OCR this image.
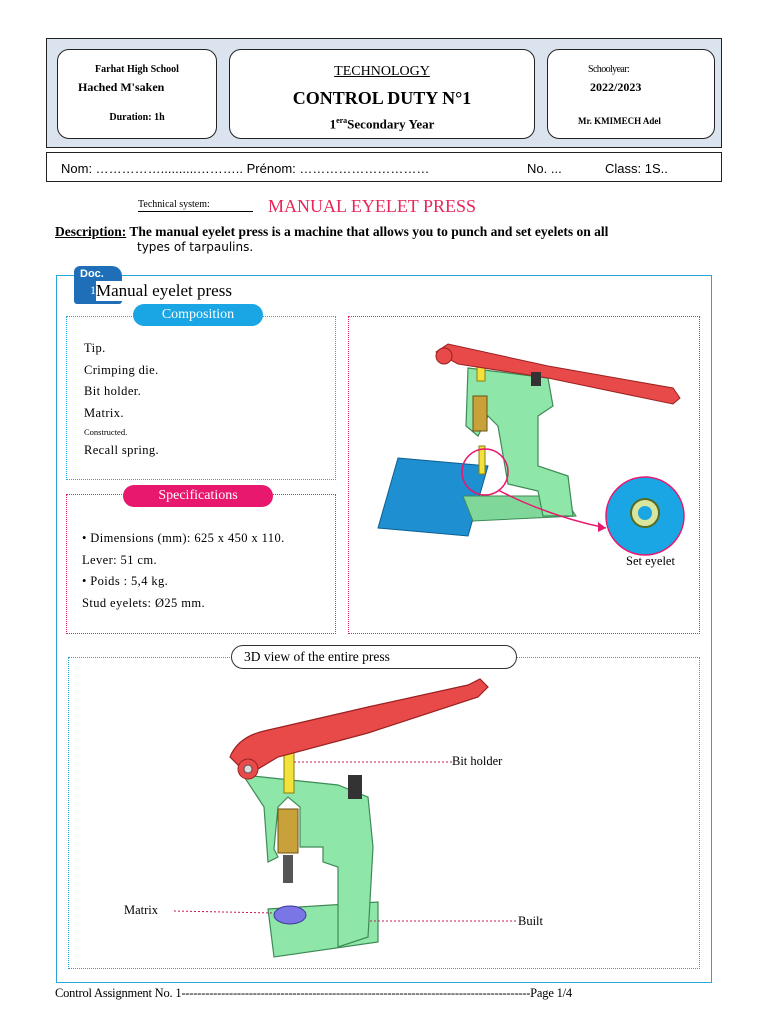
Farhat High School
Hached M'saken
Duration: 1h
TECHNOLOGY
CONTROL DUTY N°1
$1^{era}Secondary$ Year
Schoolyear:
2022/2023
Mr. KMIMECH Adel
Nom: ……………..........……….. Prénom: …………………………	No. ...	Class: 1S..
Technical system:	MANUAL EYELET PRESS
Description: The manual eyelet press is a machine that allows you to punch and set eyelets on all
types of tarpaulins.
Doc.
Manual eyelet press
1
Composition
Tip.
Crimping die.
Bit holder.
Matrix.
Constructed.
Recall spring.
Specifications
• Dimensions (mm): 625 x 450 x 110.
Lever: 51 cm.
• Poids : 5,4 kg.
Stud eyelets: Ø25 mm.
Set eyelet
3D view of the entire press
Bit holder
Matrix
Built
Control Assignment No. 1----------------------------------------------------------------------------------------Page 1/4
